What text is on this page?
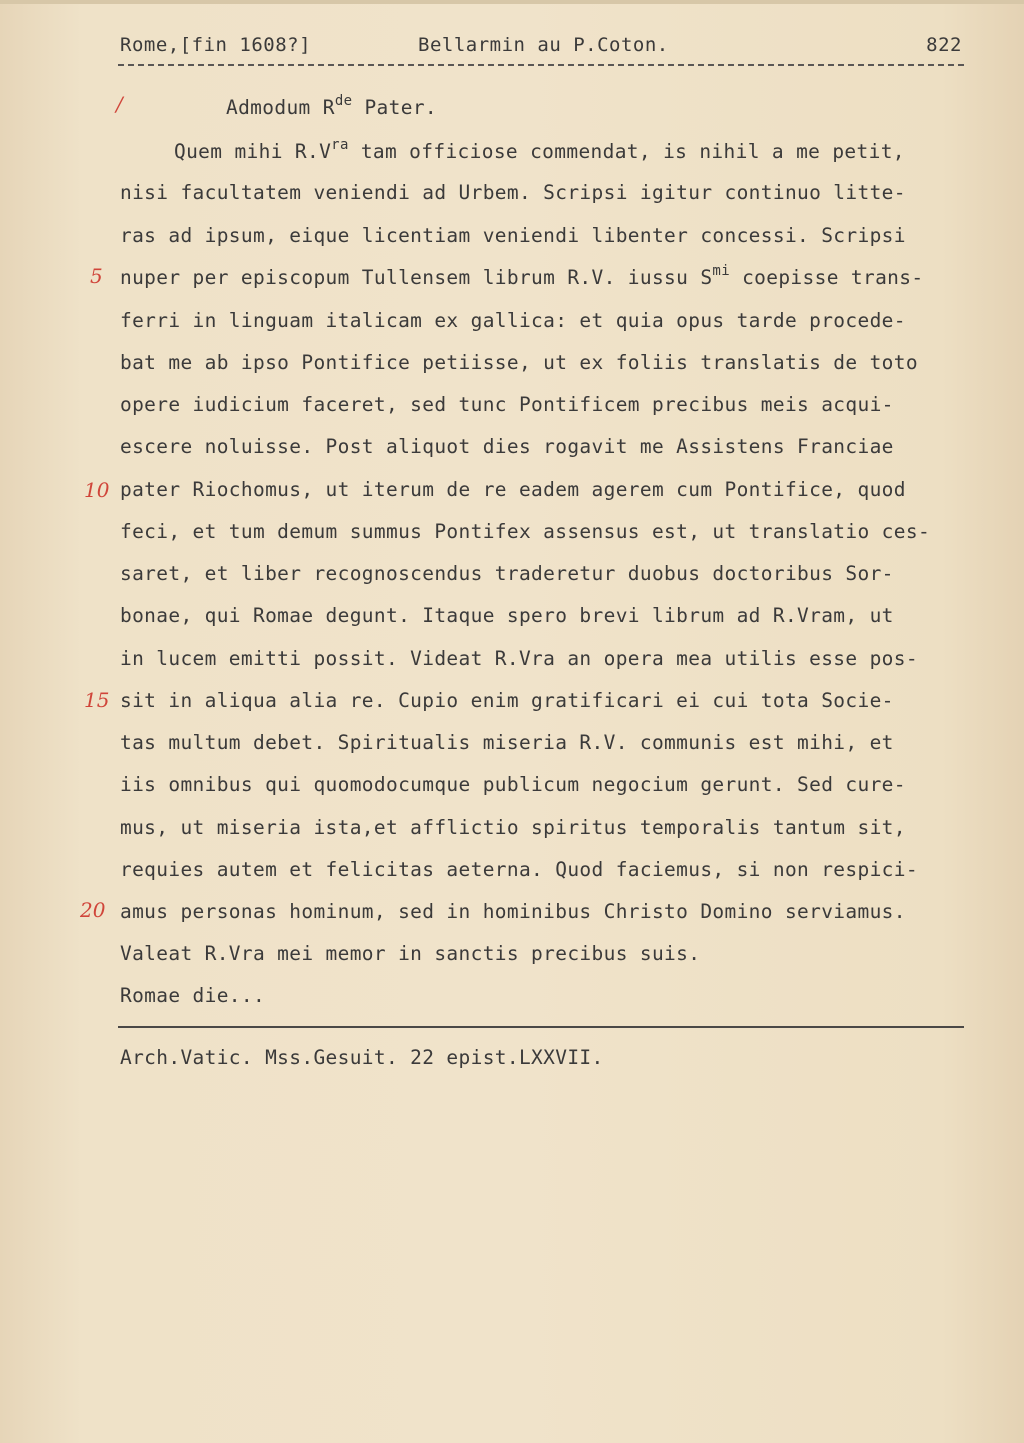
Rome,[fin 1608?]	Bellarmin au P.Coton.	822
/
5
10
15
20
Admodum $R^{de}$ Pater.
Quem mihi $R.V^{ra}$ tam officiose commendat, is nihil a me petit,
nisi facultatem veniendi ad Urbem. Scripsi igitur continuo litte-
ras ad ipsum, eique licentiam veniendi libenter concessi. Scripsi
nuper per episcopum Tullensem librum R.V. iussu $S^{mi}$ coepisse trans-
ferri in linguam italicam ex gallica: et quia opus tarde procede-
bat me ab ipso Pontifice petiisse, ut ex foliis translatis de toto
opere iudicium faceret, sed tunc Pontificem precibus meis acqui-
escere noluisse. Post aliquot dies rogavit me Assistens Franciae
pater Riochomus, ut iterum de re eadem agerem cum Pontifice, quod
feci, et tum demum summus Pontifex assensus est, ut translatio ces-
saret, et liber recognoscendus traderetur duobus doctoribus Sor-
bonae, qui Romae degunt. Itaque spero brevi librum ad R.Vram, ut
in lucem emitti possit. Videat R.Vra an opera mea utilis esse pos-
sit in aliqua alia re. Cupio enim gratificari ei cui tota Socie-
tas multum debet. Spiritualis miseria R.V. communis est mihi, et
iis omnibus qui quomodocumque publicum negocium gerunt. Sed cure-
mus, ut miseria ista,et afflictio spiritus temporalis tantum sit,
requies autem et felicitas aeterna. Quod faciemus, si non respici-
amus personas hominum, sed in hominibus Christo Domino serviamus.
Valeat R.Vra mei memor in sanctis precibus suis.
Romae die...
Arch.Vatic. Mss.Gesuit. 22 epist.LXXVII.
